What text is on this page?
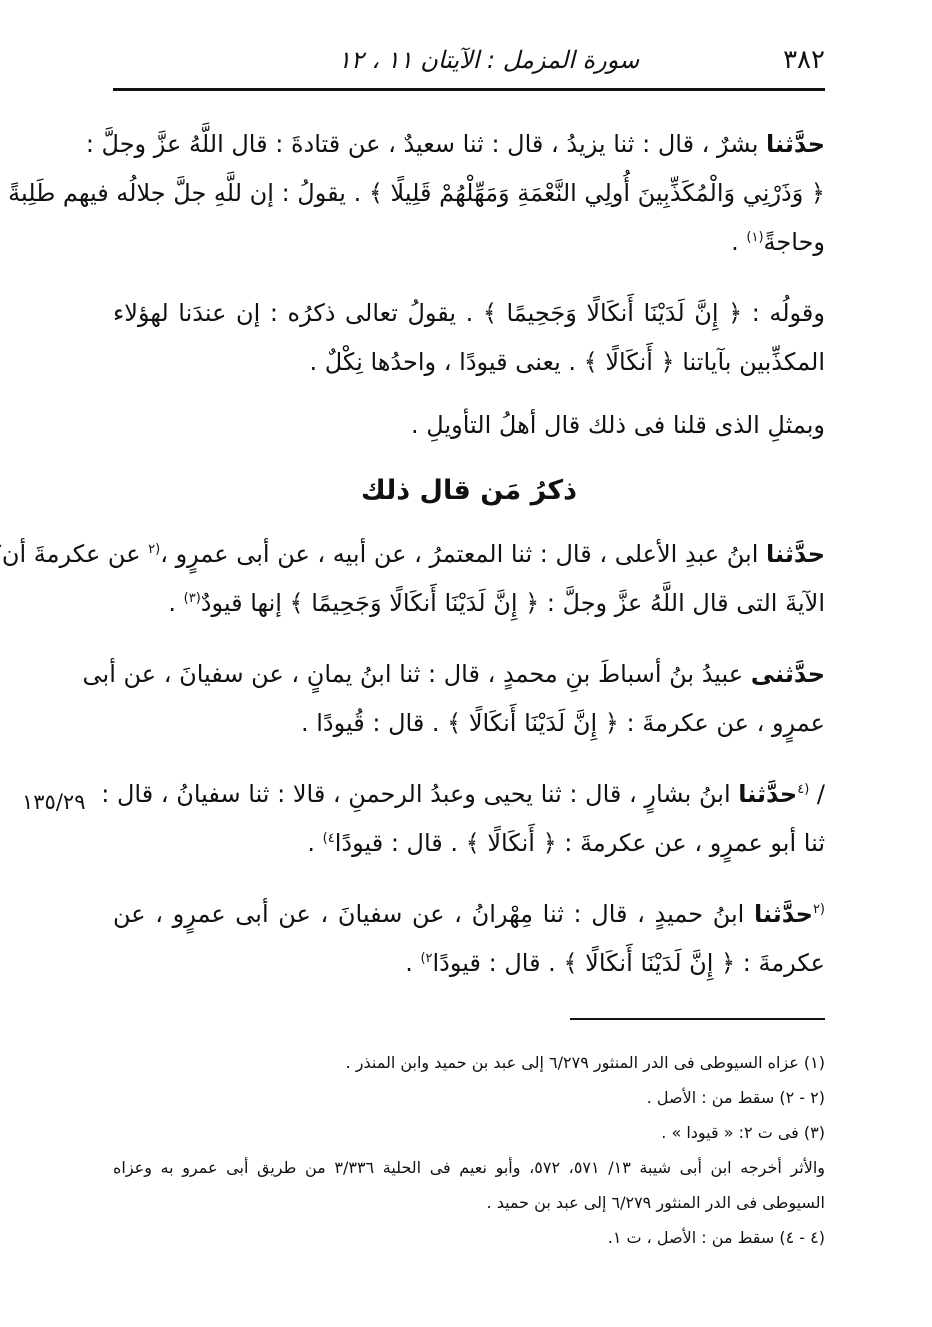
٣٨٢
سورة المزمل : الآيتان ١١ ، ١٢
١٣٥/٢٩
حدَّثنا بشرٌ ، قال : ثنا يزيدُ ، قال : ثنا سعيدٌ ، عن قتادةَ : قال اللَّهُ عزَّ وجلَّ :
﴿ وَذَرْنِي وَالْمُكَذِّبِينَ أُولِي النَّعْمَةِ وَمَهِّلْهُمْ قَلِيلًا ﴾ . يقولُ : إن للَّهِ جلَّ جلالُه فيهم طَلِبةً
وحاجةً$^{(١)}$ .
وقولُه : ﴿ إِنَّ لَدَيْنَا أَنكَالًا وَجَحِيمًا ﴾ . يقولُ تعالى ذكرُه : إن عندَنا لهؤلاء
المكذِّبين بآياتنا ﴿ أَنكَالًا ﴾ . يعنى قيودًا ، واحدُها نِكْلٌ .
وبمثلِ الذى قلنا فى ذلك قال أهلُ التأويلِ .
ذكرُ مَن قال ذلك
حدَّثنا ابنُ عبدِ الأعلى ، قال : ثنا المعتمرُ ، عن أبيه ، عن أبى عمرٍو ،$^{(٢}$ عن عكرمةَ أن
الآيةَ التى قال اللَّهُ عزَّ وجلَّ : ﴿ إِنَّ لَدَيْنَا أَنكَالًا وَجَحِيمًا ﴾ إنها قيودٌ$^{(٣)}$ .
حدَّثنى عبيدُ بنُ أسباطَ بنِ محمدٍ ، قال : ثنا ابنُ يمانٍ ، عن سفيانَ ، عن أبى
عمرٍو ، عن عكرمةَ : ﴿ إِنَّ لَدَيْنَا أَنكَالًا ﴾ . قال : قُيودًا .
/ $^{(٤}$حدَّثنا ابنُ بشارٍ ، قال : ثنا يحيى وعبدُ الرحمنِ ، قالا : ثنا سفيانُ ، قال :
ثنا أبو عمرٍو ، عن عكرمةَ : ﴿ أَنكَالًا ﴾ . قال : قيودًا$^{٤)}$ .
$^{(٢}$حدَّثنا ابنُ حميدٍ ، قال : ثنا مِهْرانُ ، عن سفيانَ ، عن أبى عمرٍو ، عن
عكرمةَ : ﴿ إِنَّ لَدَيْنَا أَنكَالًا ﴾ . قال : قيودًا$^{٢)}$ .
(١) عزاه السيوطى فى الدر المنثور ٦/٢٧٩ إلى عبد بن حميد وابن المنذر .
(٢ - ٢) سقط من : الأصل .
(٣) فى ت ٢: « قيودا » .
والأثر أخرجه ابن أبى شيبة ١٣/ ٥٧١، ٥٧٢، وأبو نعيم فى الحلية ٣/٣٣٦ من طريق أبى عمرو به وعزاه
السيوطى فى الدر المنثور ٦/٢٧٩ إلى عبد بن حميد .
(٤ - ٤) سقط من : الأصل ، ت ١.
